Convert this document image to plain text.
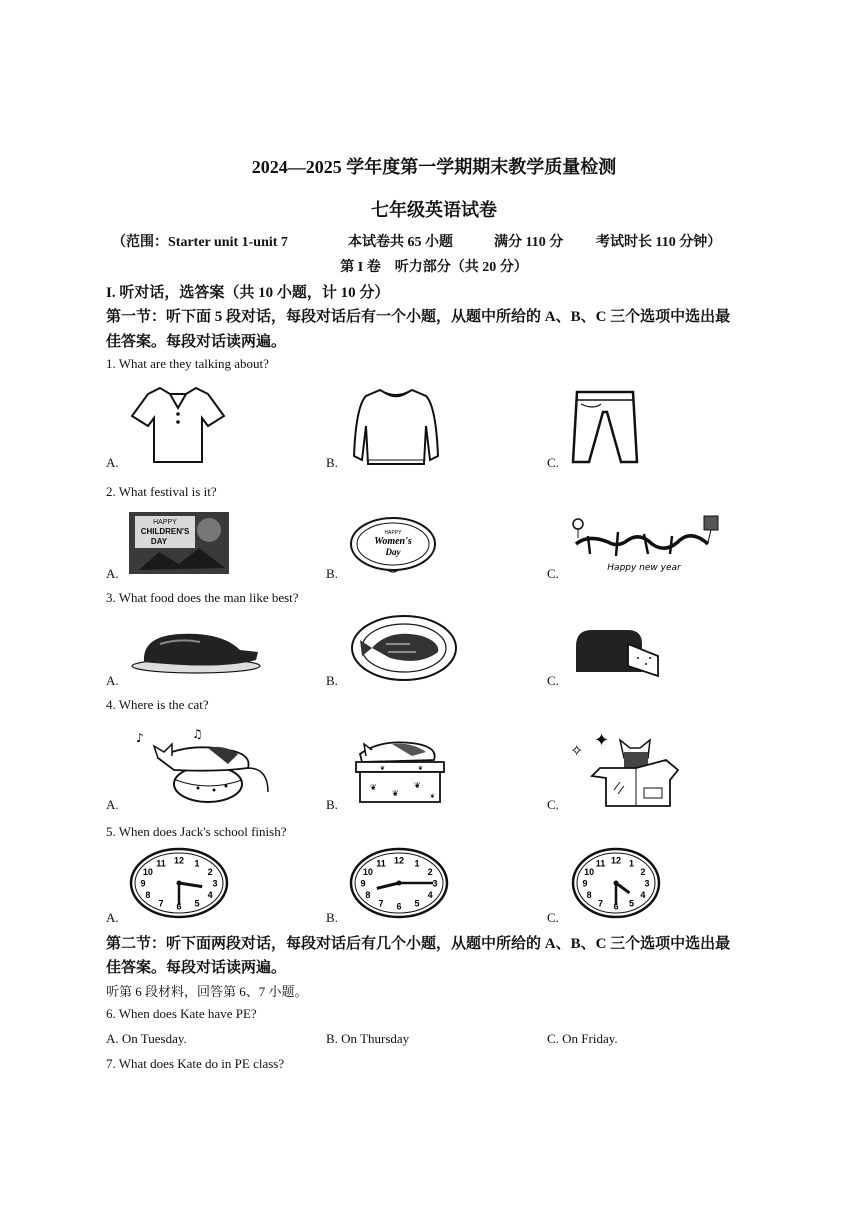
2024—2025 学年度第一学期期末教学质量检测
七年级英语试卷
（范围：Starter unit 1-unit 7	本试卷共 65 小题	满分 110 分 考试时长 110 分钟）
第 I 卷　听力部分（共 20 分）
I. 听对话，选答案（共 10 小题，计 10 分）
第一节：听下面 5 段对话，每段对话后有一个小题，从题中所给的 A、B、C 三个选项中选出最
佳答案。每段对话读两遍。
1. What are they talking about?
A.	B.	C.
2. What festival is it?
HAPPY
CHILDREN'S
DAY
A.
HAPPY
Women's
Day
B.	Happy new year
C.
3. What food does the man like best?
A.	B.	C.
4. Where is the cat?
♪	♫
A.
❦
❦
❦
❦
❦	❦
B.
✧
✦
C.
5. When does Jack's school finish?
1
2
3
4
5
6
7
8
9
10
11 12
A.
1
2
3
4
5
6
7
8
9
10
11 12
B.
1
2
3
4
5
6
7
8
9
10
11 12
C.
第二节：听下面两段对话，每段对话后有几个小题，从题中所给的 A、B、C 三个选项中选出最
佳答案。每段对话读两遍。
听第 6 段材料，回答第 6、7 小题。
6. When does Kate have PE?
A. On Tuesday.	B. On Thursday	C. On Friday.
7. What does Kate do in PE class?
